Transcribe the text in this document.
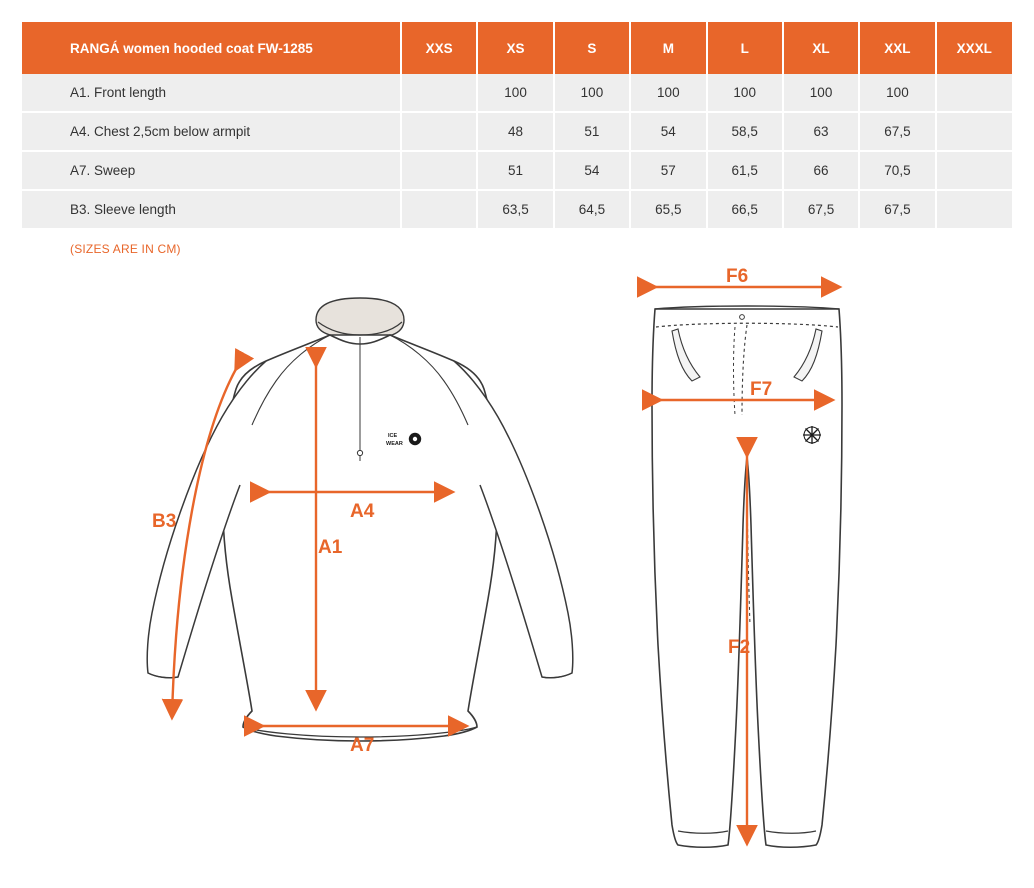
RANGÁ women hooded coat FW-1285	XXS	XS	S	M	L	XL	XXL	XXXL
A1. Front length		100	100	100	100	100	100	
A4. Chest 2,5cm below armpit		48	51	54	58,5	63	67,5	
A7. Sweep		51	54	57	61,5	66	70,5	
B3. Sleeve length		63,5	64,5	65,5	66,5	67,5	67,5	
(SIZES ARE IN CM)
ICE
WEAR
B3	A4
A1
A7
F6
F7
F2
